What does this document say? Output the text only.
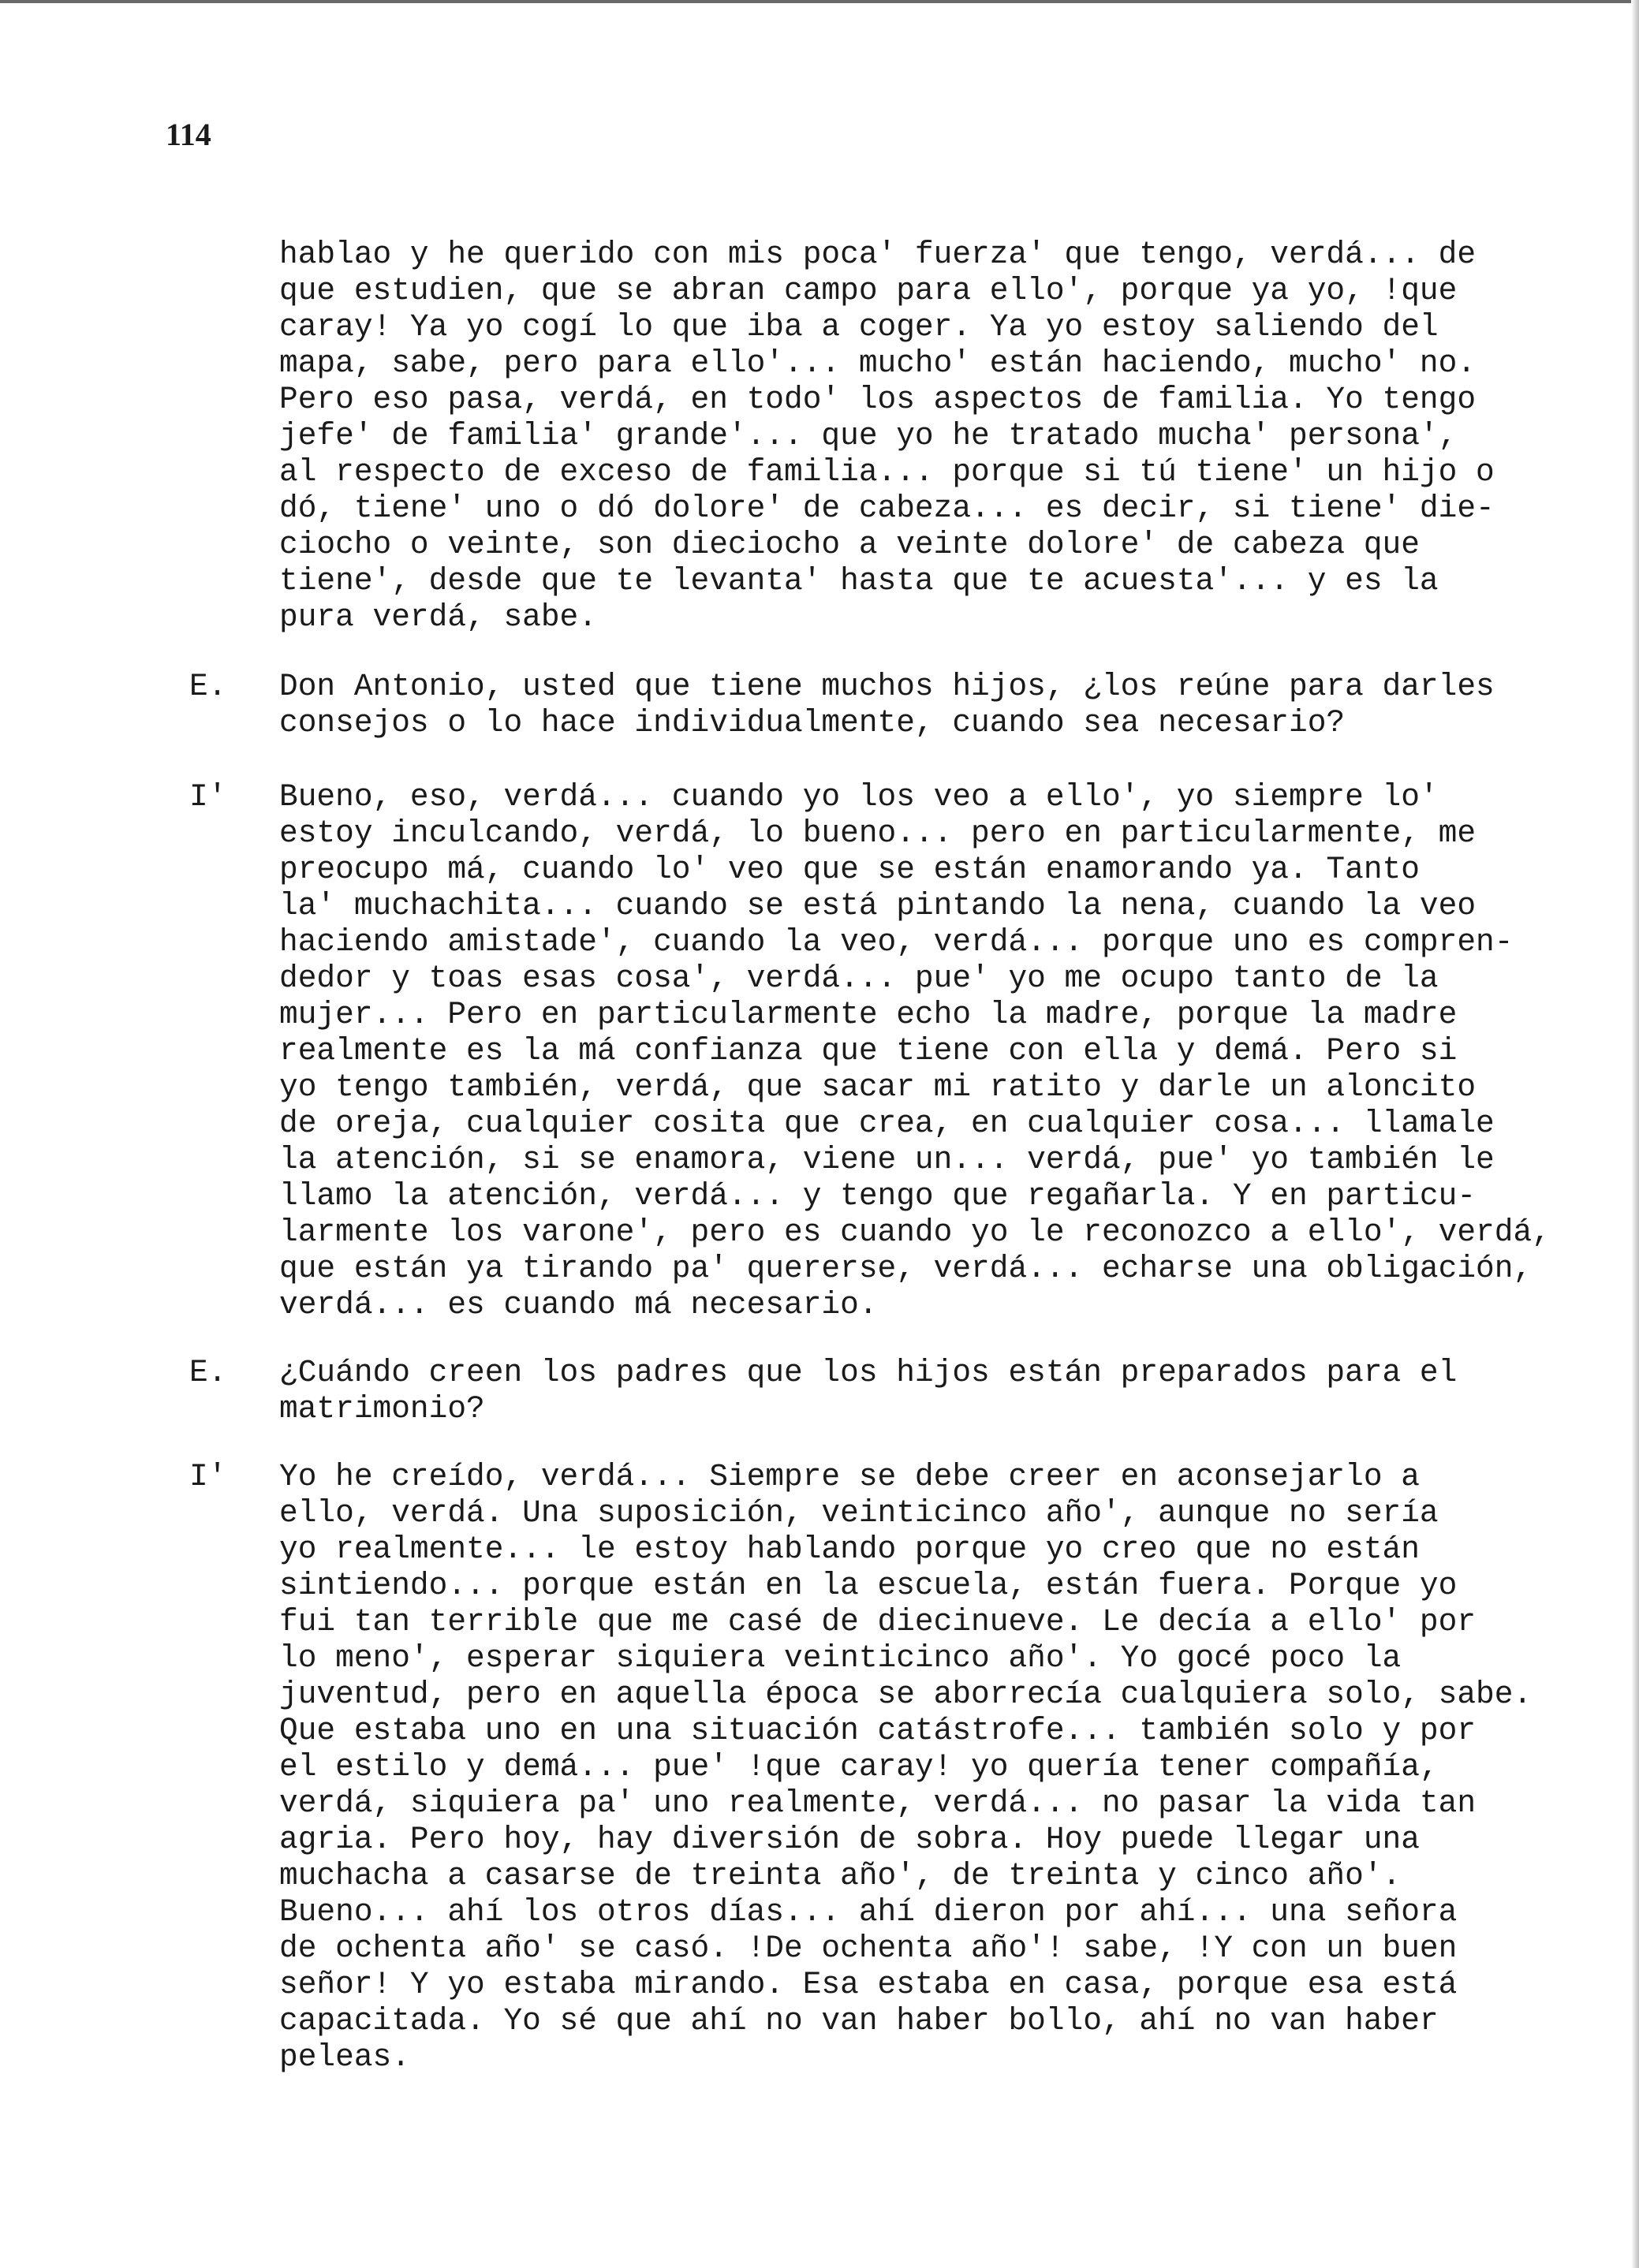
114
hablao y he querido con mis poca' fuerza' que tengo, verdá... de
que estudien, que se abran campo para ello', porque ya yo, !que
caray! Ya yo cogí lo que iba a coger. Ya yo estoy saliendo del
mapa, sabe, pero para ello'... mucho' están haciendo, mucho' no.
Pero eso pasa, verdá, en todo' los aspectos de familia. Yo tengo
jefe' de familia' grande'... que yo he tratado mucha' persona',
al respecto de exceso de familia... porque si tú tiene' un hijo o
dó, tiene' uno o dó dolore' de cabeza... es decir, si tiene' die-
ciocho o veinte, son dieciocho a veinte dolore' de cabeza que
tiene', desde que te levanta' hasta que te acuesta'... y es la
pura verdá, sabe.
E. Don Antonio, usted que tiene muchos hijos, ¿los reúne para darles
consejos o lo hace individualmente, cuando sea necesario?
I' Bueno, eso, verdá... cuando yo los veo a ello', yo siempre lo'
estoy inculcando, verdá, lo bueno... pero en particularmente, me
preocupo má, cuando lo' veo que se están enamorando ya. Tanto
la' muchachita... cuando se está pintando la nena, cuando la veo
haciendo amistade', cuando la veo, verdá... porque uno es compren-
dedor y toas esas cosa', verdá... pue' yo me ocupo tanto de la
mujer... Pero en particularmente echo la madre, porque la madre
realmente es la má confianza que tiene con ella y demá. Pero si
yo tengo también, verdá, que sacar mi ratito y darle un aloncito
de oreja, cualquier cosita que crea, en cualquier cosa... llamale
la atención, si se enamora, viene un... verdá, pue' yo también le
llamo la atención, verdá... y tengo que regañarla. Y en particu-
larmente los varone', pero es cuando yo le reconozco a ello', verdá,
que están ya tirando pa' quererse, verdá... echarse una obligación,
verdá... es cuando má necesario.
E. ¿Cuándo creen los padres que los hijos están preparados para el
matrimonio?
I' Yo he creído, verdá... Siempre se debe creer en aconsejarlo a
ello, verdá. Una suposición, veinticinco año', aunque no sería
yo realmente... le estoy hablando porque yo creo que no están
sintiendo... porque están en la escuela, están fuera. Porque yo
fui tan terrible que me casé de diecinueve. Le decía a ello' por
lo meno', esperar siquiera veinticinco año'. Yo gocé poco la
juventud, pero en aquella época se aborrecía cualquiera solo, sabe.
Que estaba uno en una situación catástrofe... también solo y por
el estilo y demá... pue' !que caray! yo quería tener compañía,
verdá, siquiera pa' uno realmente, verdá... no pasar la vida tan
agria. Pero hoy, hay diversión de sobra. Hoy puede llegar una
muchacha a casarse de treinta año', de treinta y cinco año'.
Bueno... ahí los otros días... ahí dieron por ahí... una señora
de ochenta año' se casó. !De ochenta año'! sabe, !Y con un buen
señor! Y yo estaba mirando. Esa estaba en casa, porque esa está
capacitada. Yo sé que ahí no van haber bollo, ahí no van haber
peleas.
